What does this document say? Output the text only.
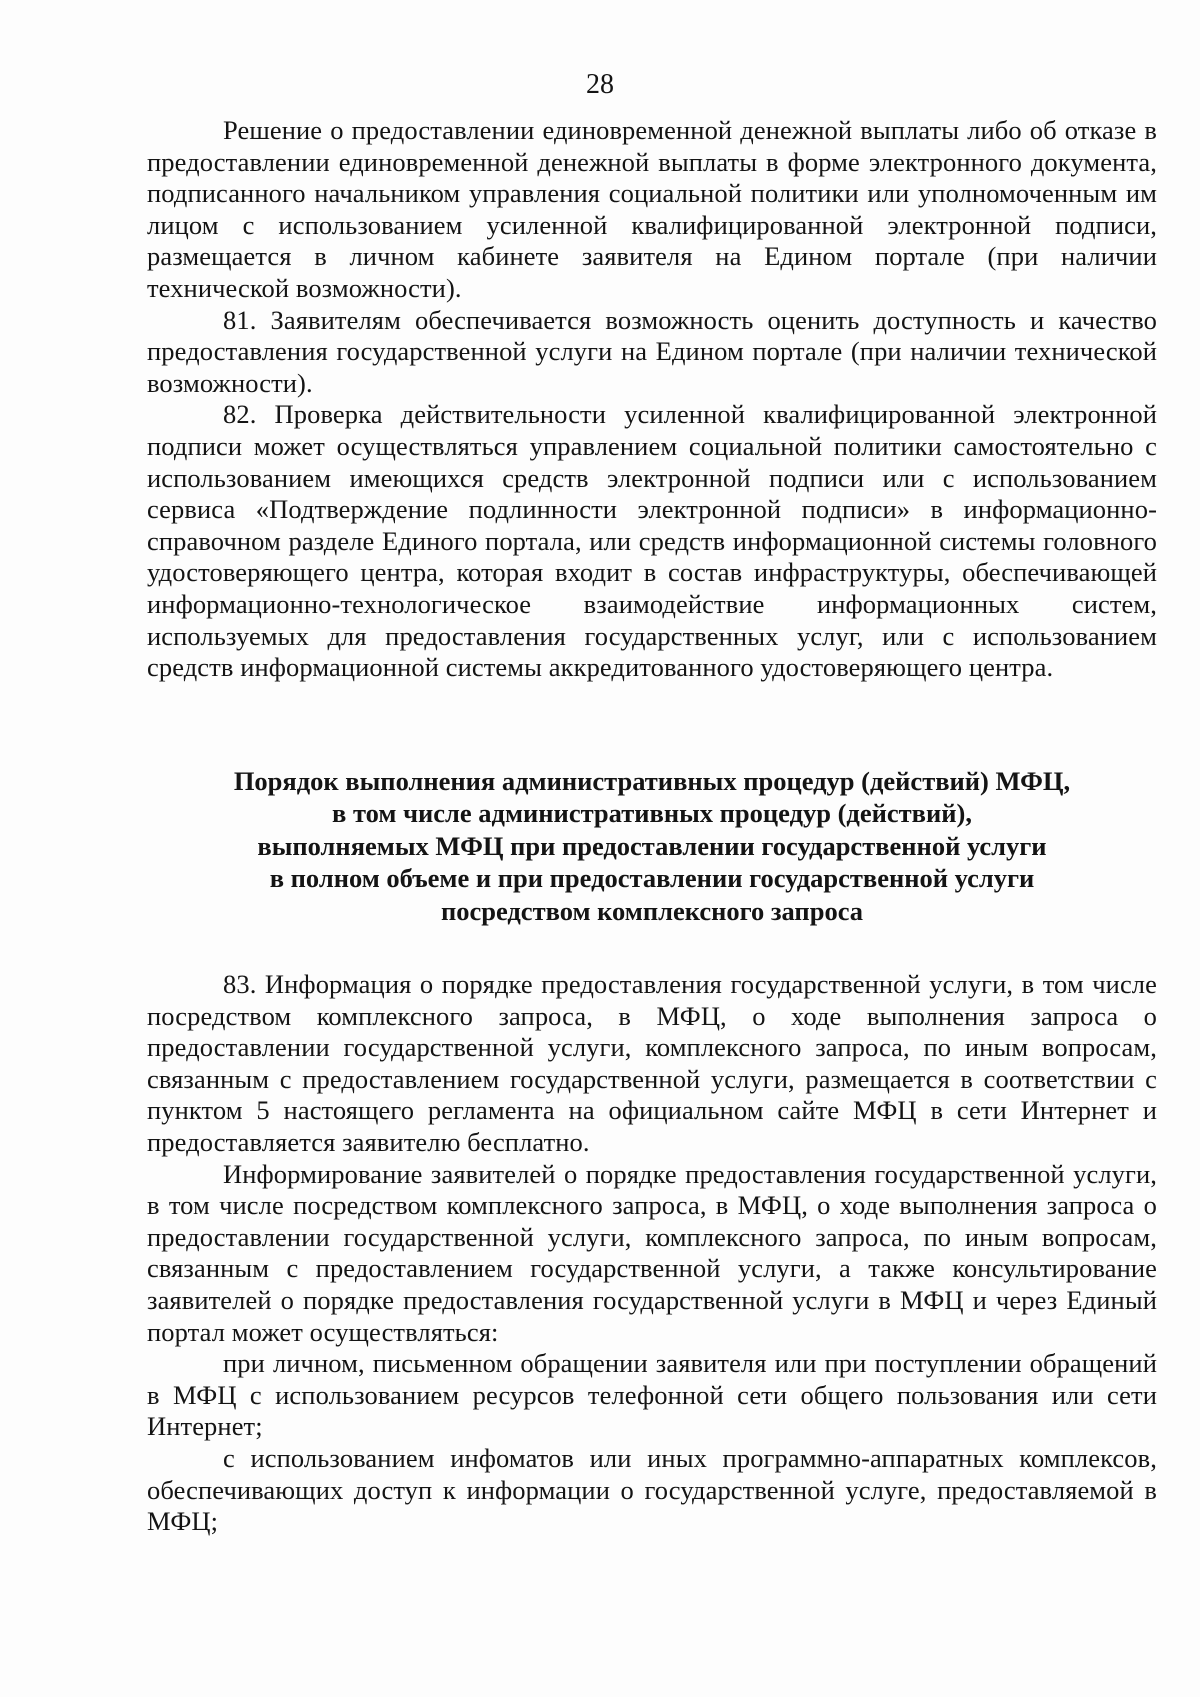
28

Решение о предоставлении единовременной денежной выплаты либо об отказе в предоставлении единовременной денежной выплаты в форме электронного документа, подписанного начальником управления социальной политики или уполномоченным им лицом с использованием усиленной квалифицированной электронной подписи, размещается в личном кабинете заявителя на Едином портале (при наличии технической возможности).

81. Заявителям обеспечивается возможность оценить доступность и качество предоставления государственной услуги на Едином портале (при наличии технической возможности).

82. Проверка действительности усиленной квалифицированной электронной подписи может осуществляться управлением социальной политики самостоятельно с использованием имеющихся средств электронной подписи или с использованием сервиса «Подтверждение подлинности электронной подписи» в информационно-справочном разделе Единого портала, или средств информационной системы головного удостоверяющего центра, которая входит в состав инфраструктуры, обеспечивающей информационно-технологическое взаимодействие информационных систем, используемых для предоставления государственных услуг, или с использованием средств информационной системы аккредитованного удостоверяющего центра.

Порядок выполнения административных процедур (действий) МФЦ,
в том числе административных процедур (действий),
выполняемых МФЦ при предоставлении государственной услуги
в полном объеме и при предоставлении государственной услуги
посредством комплексного запроса

83. Информация о порядке предоставления государственной услуги, в том числе посредством комплексного запроса, в МФЦ, о ходе выполнения запроса о предоставлении государственной услуги, комплексного запроса, по иным вопросам, связанным с предоставлением государственной услуги, размещается в соответствии с пунктом 5 настоящего регламента на официальном сайте МФЦ в сети Интернет и предоставляется заявителю бесплатно.

Информирование заявителей о порядке предоставления государственной услуги, в том числе посредством комплексного запроса, в МФЦ, о ходе выполнения запроса о предоставлении государственной услуги, комплексного запроса, по иным вопросам, связанным с предоставлением государственной услуги, а также консультирование заявителей о порядке предоставления государственной услуги в МФЦ и через Единый портал может осуществляться:

при личном, письменном обращении заявителя или при поступлении обращений в МФЦ с использованием ресурсов телефонной сети общего пользования или сети Интернет;

с использованием инфоматов или иных программно-аппаратных комплексов, обеспечивающих доступ к информации о государственной услуге, предоставляемой в МФЦ;
